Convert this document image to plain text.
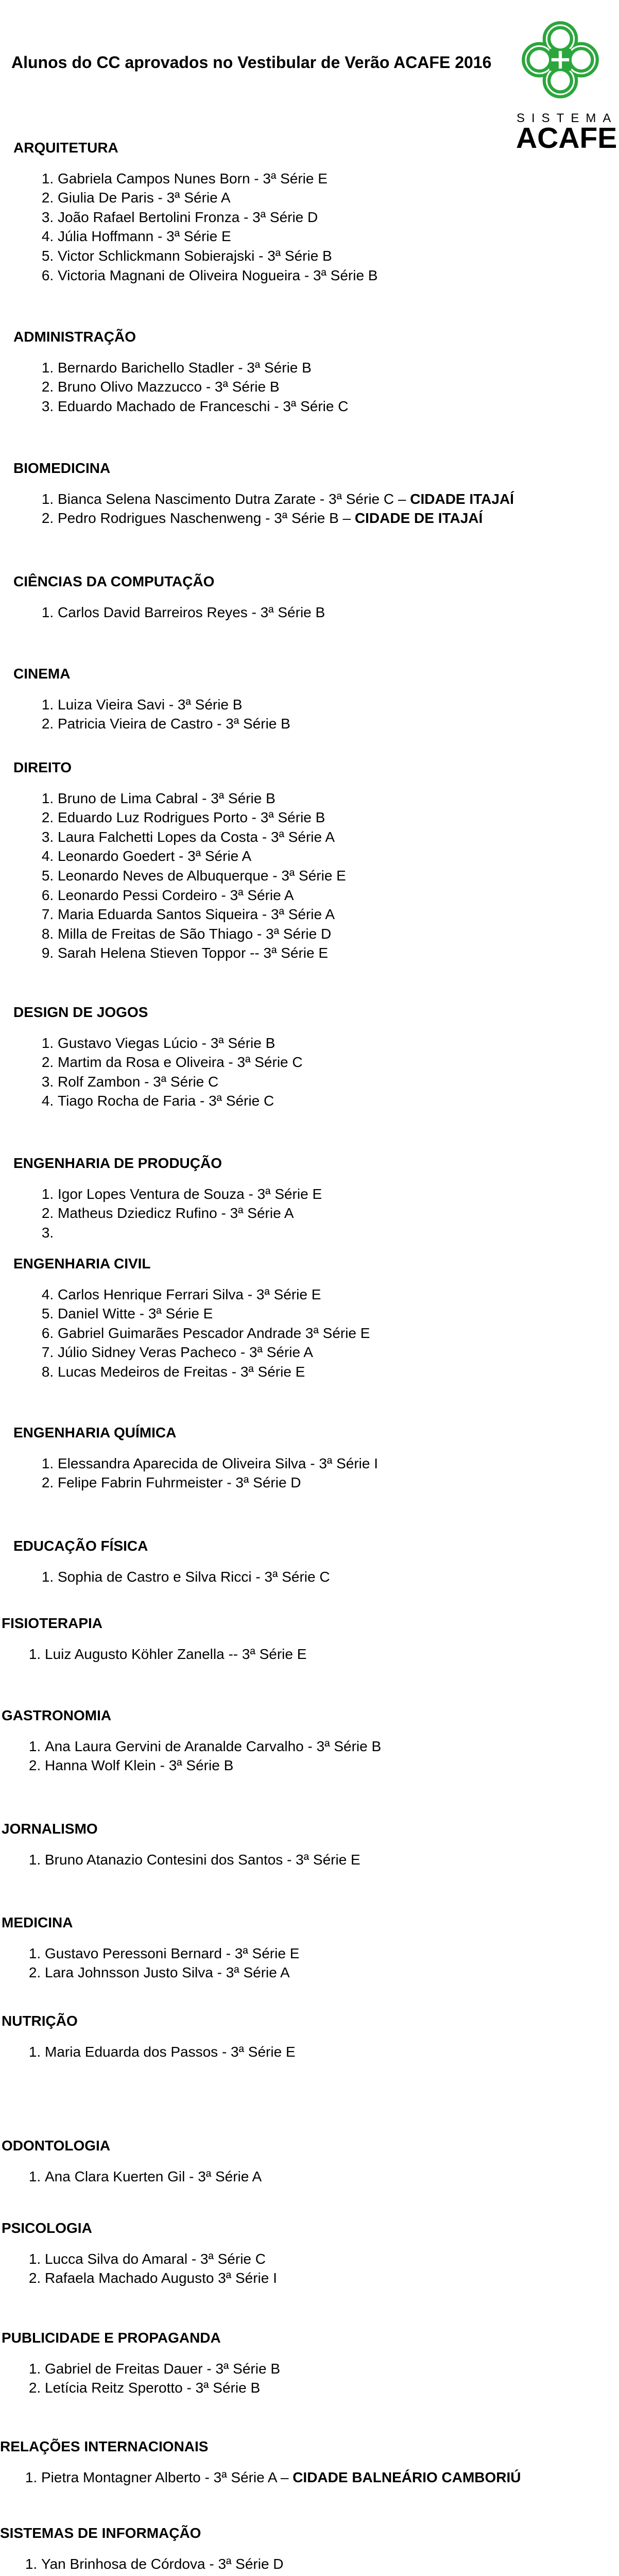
Alunos do CC aprovados no Vestibular de Verão ACAFE 2016
SISTEMA
ACAFE
ARQUITETURA
1. Gabriela Campos Nunes Born - 3ª Série E
2. Giulia De Paris - 3ª Série A
3. João Rafael Bertolini Fronza - 3ª Série D
4. Júlia Hoffmann - 3ª Série E
5. Victor Schlickmann Sobierajski - 3ª Série B
6. Victoria Magnani de Oliveira Nogueira - 3ª Série B
ADMINISTRAÇÃO
1. Bernardo Barichello Stadler - 3ª Série B
2. Bruno Olivo Mazzucco - 3ª Série B
3. Eduardo Machado de Franceschi - 3ª Série C
BIOMEDICINA
1. Bianca Selena Nascimento Dutra Zarate - 3ª Série C – CIDADE ITAJAÍ
2. Pedro Rodrigues Naschenweng - 3ª Série B – CIDADE DE ITAJAÍ
CIÊNCIAS DA COMPUTAÇÃO
1. Carlos David Barreiros Reyes - 3ª Série B
CINEMA
1. Luiza Vieira Savi - 3ª Série B
2. Patricia Vieira de Castro - 3ª Série B
DIREITO
1. Bruno de Lima Cabral - 3ª Série B
2. Eduardo Luz Rodrigues Porto - 3ª Série B
3. Laura Falchetti Lopes da Costa - 3ª Série A
4. Leonardo Goedert - 3ª Série A
5. Leonardo Neves de Albuquerque - 3ª Série E
6. Leonardo Pessi Cordeiro - 3ª Série A
7. Maria Eduarda Santos Siqueira - 3ª Série A
8. Milla de Freitas de São Thiago - 3ª Série D
9. Sarah Helena Stieven Toppor -- 3ª Série E
DESIGN DE JOGOS
1. Gustavo Viegas Lúcio - 3ª Série B
2. Martim da Rosa e Oliveira - 3ª Série C
3. Rolf Zambon - 3ª Série C
4. Tiago Rocha de Faria - 3ª Série C
ENGENHARIA DE PRODUÇÃO
1. Igor Lopes Ventura de Souza - 3ª Série E
2. Matheus Dziedicz Rufino - 3ª Série A
3.
ENGENHARIA CIVIL
4. Carlos Henrique Ferrari Silva - 3ª Série E
5. Daniel Witte - 3ª Série E
6. Gabriel Guimarães Pescador Andrade 3ª Série E
7. Júlio Sidney Veras Pacheco - 3ª Série A
8. Lucas Medeiros de Freitas - 3ª Série E
ENGENHARIA QUÍMICA
1. Elessandra Aparecida de Oliveira Silva - 3ª Série I
2. Felipe Fabrin Fuhrmeister - 3ª Série D
EDUCAÇÃO FÍSICA
1. Sophia de Castro e Silva Ricci - 3ª Série C
FISIOTERAPIA
1. Luiz Augusto Köhler Zanella -- 3ª Série E
GASTRONOMIA
1. Ana Laura Gervini de Aranalde Carvalho - 3ª Série B
2. Hanna Wolf Klein - 3ª Série B
JORNALISMO
1. Bruno Atanazio Contesini dos Santos - 3ª Série E
MEDICINA
1. Gustavo Peressoni Bernard - 3ª Série E
2. Lara Johnsson Justo Silva - 3ª Série A
NUTRIÇÃO
1. Maria Eduarda dos Passos - 3ª Série E
ODONTOLOGIA
1. Ana Clara Kuerten Gil - 3ª Série A
PSICOLOGIA
1. Lucca Silva do Amaral - 3ª Série C
2. Rafaela Machado Augusto 3ª Série I
PUBLICIDADE E PROPAGANDA
1. Gabriel de Freitas Dauer - 3ª Série B
2. Letícia Reitz Sperotto - 3ª Série B
RELAÇÕES INTERNACIONAIS
1. Pietra Montagner Alberto - 3ª Série A – CIDADE BALNEÁRIO CAMBORIÚ
SISTEMAS DE INFORMAÇÃO
1. Yan Brinhosa de Córdova - 3ª Série D
